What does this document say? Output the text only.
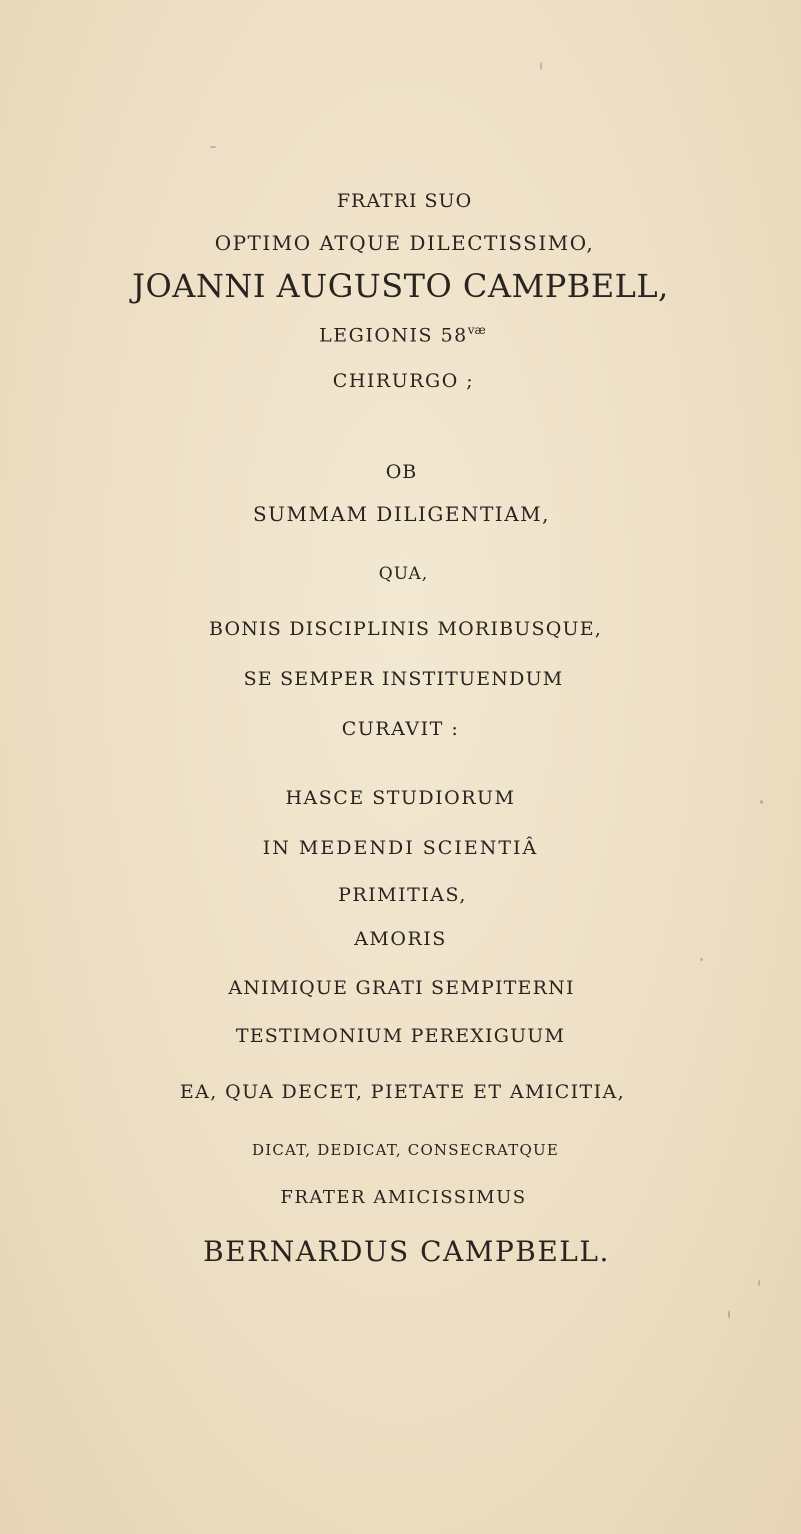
FRATRI SUO
OPTIMO ATQUE DILECTISSIMO,
JOANNI AUGUSTO CAMPBELL,
LEGIONIS $58^{væ}$
CHIRURGO ;
OB
SUMMAM DILIGENTIAM,
QUA,
BONIS DISCIPLINIS MORIBUSQUE,
SE SEMPER INSTITUENDUM
CURAVIT :
HASCE STUDIORUM
IN MEDENDI SCIENTIÂ
PRIMITIAS,
AMORIS
ANIMIQUE GRATI SEMPITERNI
TESTIMONIUM PEREXIGUUM
EA, QUA DECET, PIETATE ET AMICITIA,
DICAT, DEDICAT, CONSECRATQUE
FRATER AMICISSIMUS
BERNARDUS CAMPBELL.
